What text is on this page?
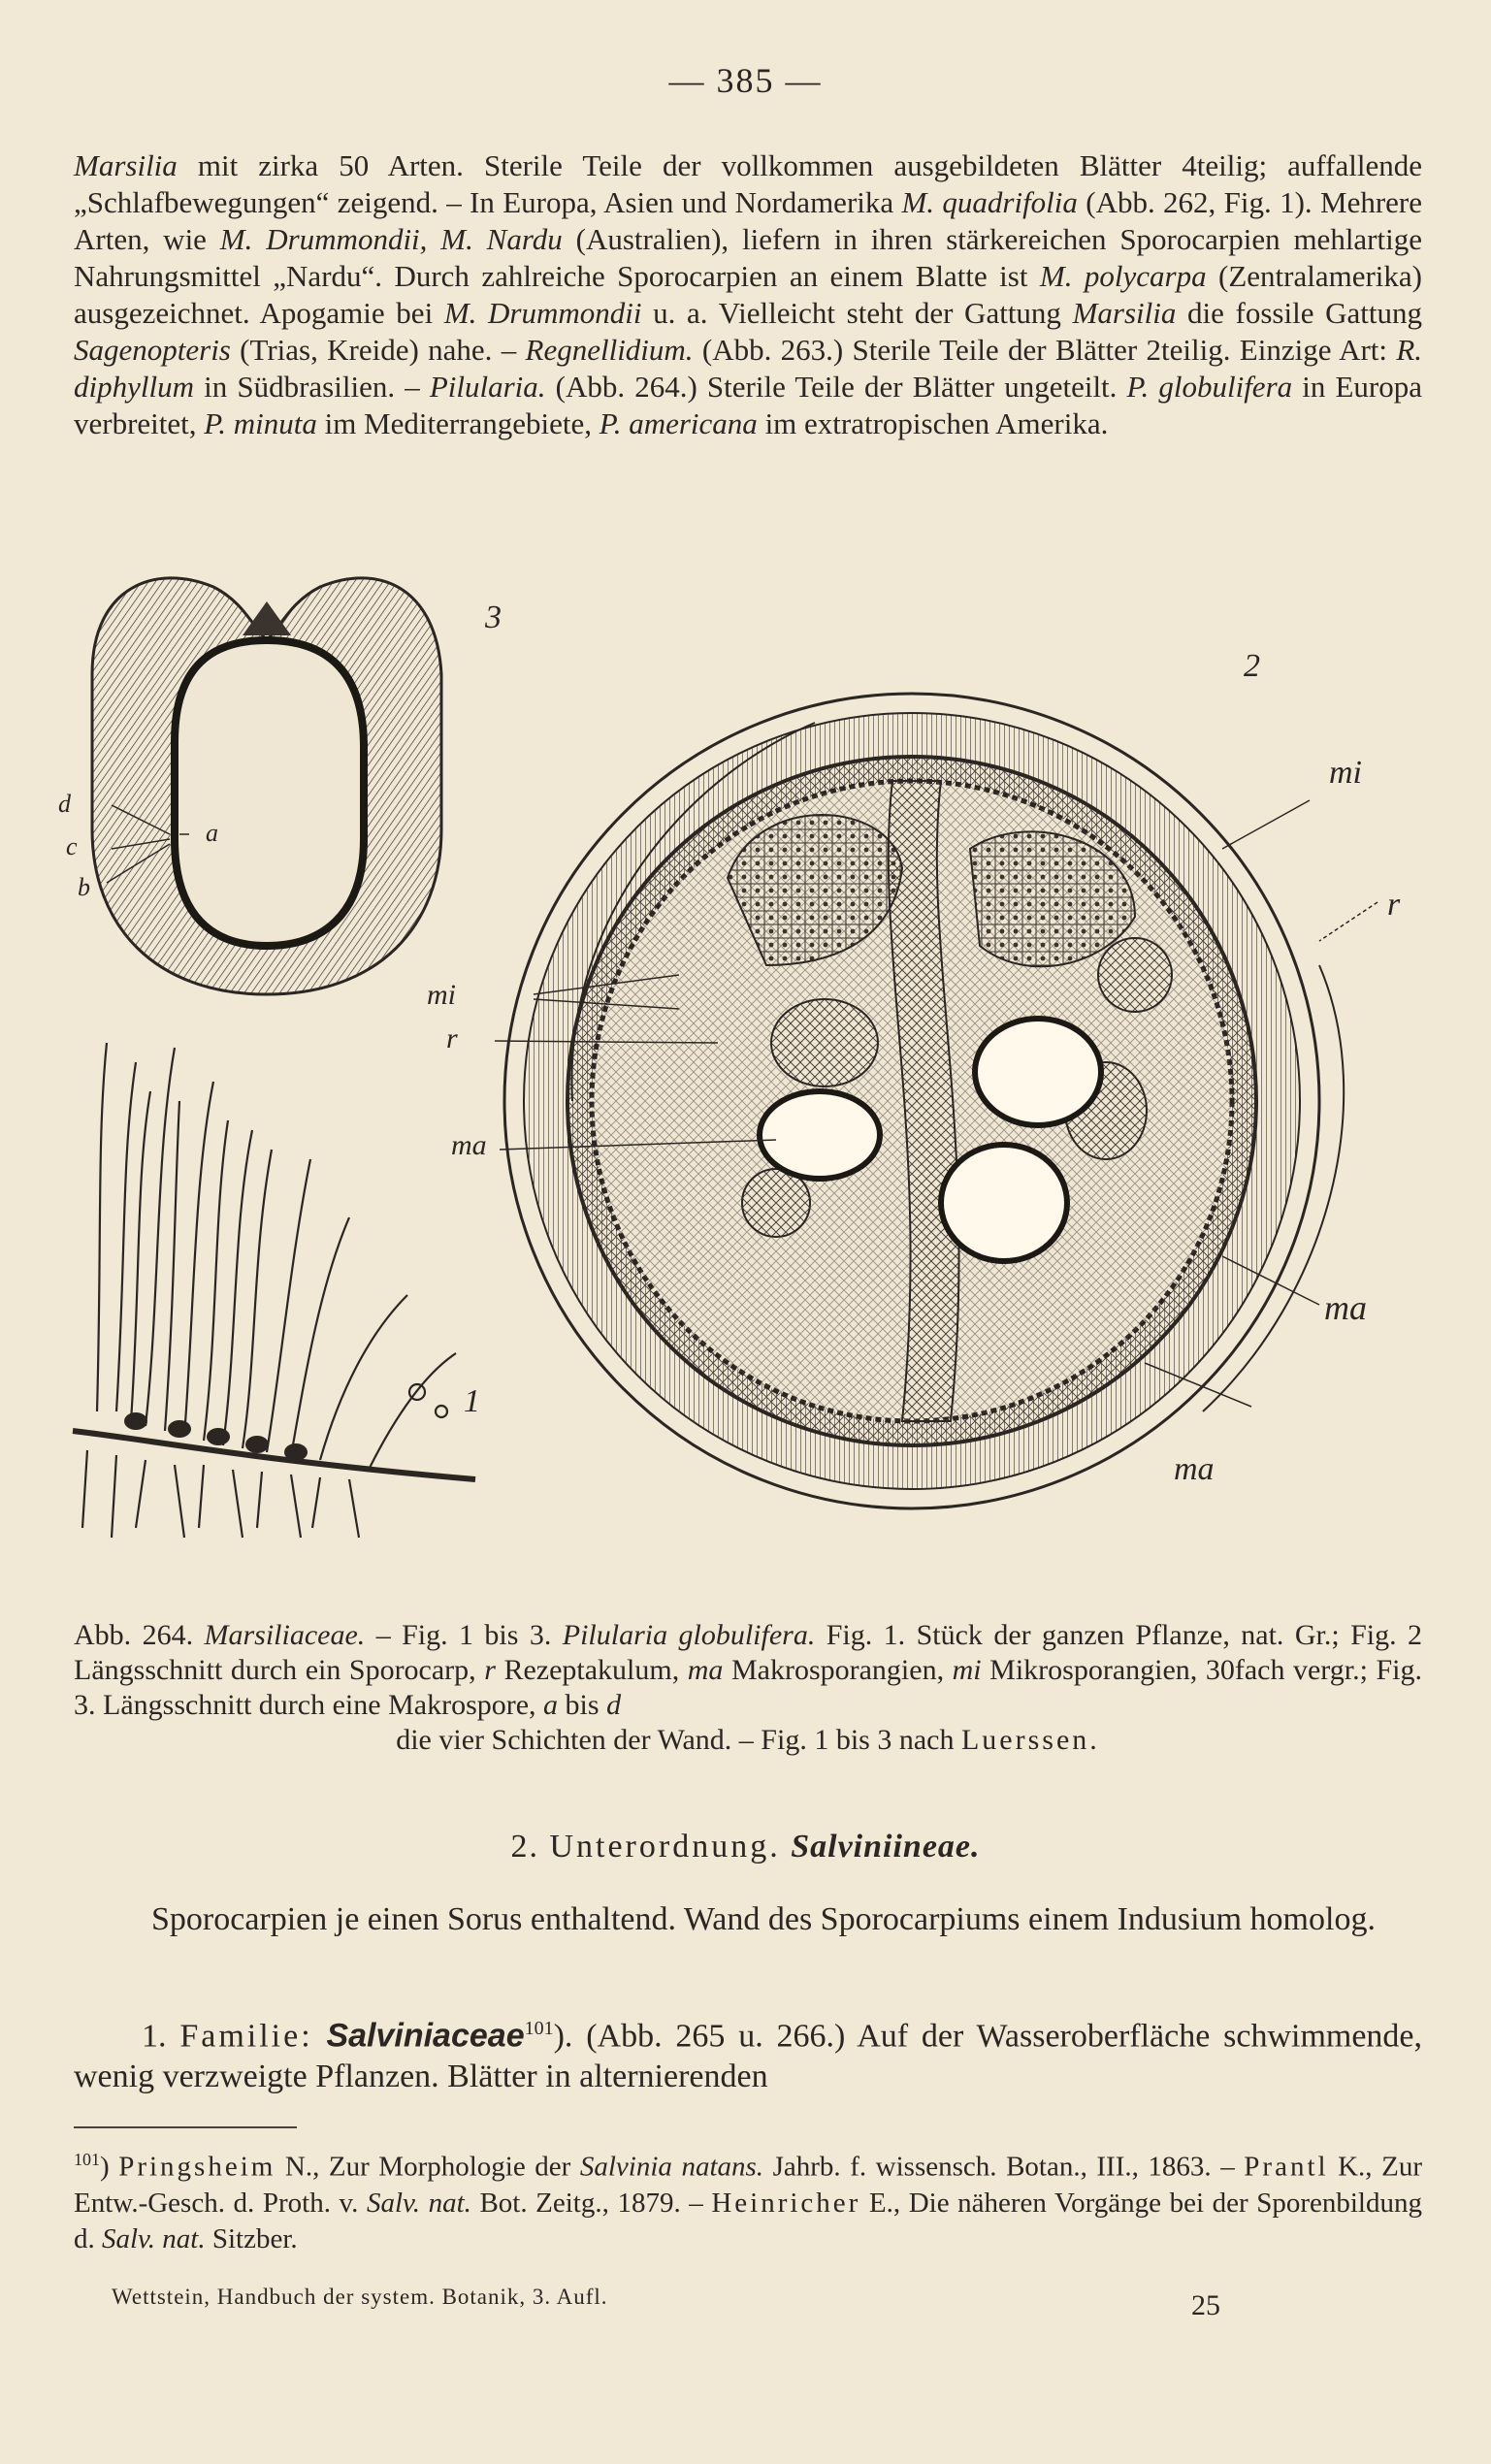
— 385 —

Marsilia mit zirka 50 Arten. Sterile Teile der vollkommen ausgebildeten Blätter 4teilig; auffallende „Schlafbewegungen“ zeigend. – In Europa, Asien und Nordamerika M. quadrifolia (Abb. 262, Fig. 1). Mehrere Arten, wie M. Drummondii, M. Nardu (Australien), liefern in ihren stärkereichen Sporocarpien mehlartige Nahrungsmittel „Nardu“. Durch zahlreiche Sporocarpien an einem Blatte ist M. polycarpa (Zentralamerika) ausgezeichnet. Apogamie bei M. Drummondii u. a. Vielleicht steht der Gattung Marsilia die fossile Gattung Sagenopteris (Trias, Kreide) nahe. – Regnellidium. (Abb. 263.) Sterile Teile der Blätter 2teilig. Einzige Art: R. diphyllum in Südbrasilien. – Pilularia. (Abb. 264.) Sterile Teile der Blätter ungeteilt. P. globulifera in Europa verbreitet, P. minuta im Mediterrangebiete, P. americana im extratropischen Amerika.

3
d
c
b
a
1
2
mi
r
mi
r
ma
ma
ma

Abb. 264. Marsiliaceae. – Fig. 1 bis 3. Pilularia globulifera. Fig. 1. Stück der ganzen Pflanze, nat. Gr.; Fig. 2 Längsschnitt durch ein Sporocarp, r Rezeptakulum, ma Makrosporangien, mi Mikrosporangien, 30fach vergr.; Fig. 3. Längsschnitt durch eine Makrospore, a bis d
die vier Schichten der Wand. – Fig. 1 bis 3 nach Luerssen.

2. Unterordnung. Salviniineae.

Sporocarpien je einen Sorus enthaltend. Wand des Sporocarpiums einem Indusium homolog.

1. Familie: Salviniaceae$^{101}$). (Abb. 265 u. 266.) Auf der Wasseroberfläche schwimmende, wenig verzweigte Pflanzen. Blätter in alternierenden

$^{101}$) Pringsheim N., Zur Morphologie der Salvinia natans. Jahrb. f. wissensch. Botan., III., 1863. – Prantl K., Zur Entw.-Gesch. d. Proth. v. Salv. nat. Bot. Zeitg., 1879. – Heinricher E., Die näheren Vorgänge bei der Sporenbildung d. Salv. nat. Sitzber.

Wettstein, Handbuch der system. Botanik, 3. Aufl.	25
